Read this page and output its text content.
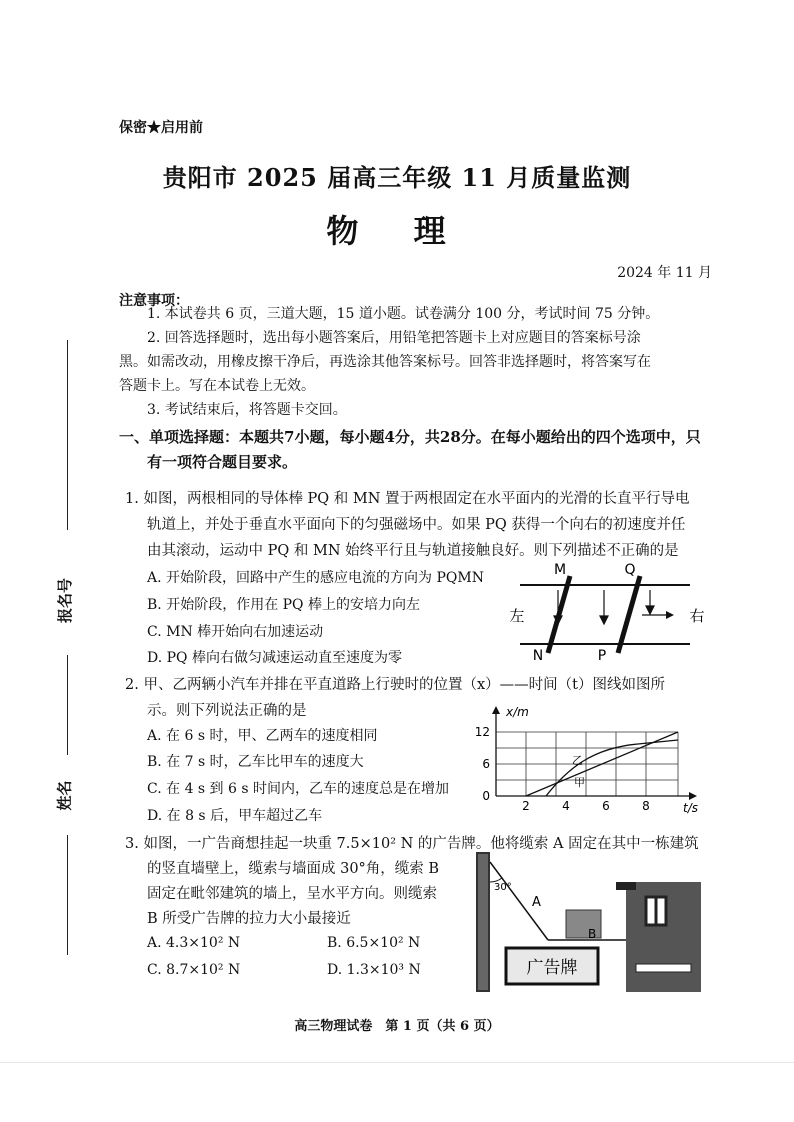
保密★启用前
贵阳市 2025 届高三年级 11 月质量监测
物 理
2024 年 11 月
注意事项：
1. 本试卷共 6 页，三道大题，15 道小题。试卷满分 100 分，考试时间 75 分钟。
2. 回答选择题时，选出每小题答案后，用铅笔把答题卡上对应题目的答案标号涂
黑。如需改动，用橡皮擦干净后，再选涂其他答案标号。回答非选择题时，将答案写在
答题卡上。写在本试卷上无效。
3. 考试结束后，将答题卡交回。
一、单项选择题：本题共7小题，每小题4分，共28分。在每小题给出的四个选项中，只
有一项符合题目要求。
1. 如图，两根相同的导体棒 PQ 和 MN 置于两根固定在水平面内的光滑的长直平行导电
轨道上，并处于垂直水平面向下的匀强磁场中。如果 PQ 获得一个向右的初速度并任
由其滚动，运动中 PQ 和 MN 始终平行且与轨道接触良好。则下列描述不正确的是
A. 开始阶段，回路中产生的感应电流的方向为 PQMN
B. 开始阶段，作用在 PQ 棒上的安培力向左
C. MN 棒开始向右加速运动
D. PQ 棒向右做匀减速运动直至速度为零
M	Q
N	P
左	右
2. 甲、乙两辆小汽车并排在平直道路上行驶时的位置（x）——时间（t）图线如图所
示。则下列说法正确的是
A. 在 6 s 时，甲、乙两车的速度相同
B. 在 7 s 时，乙车比甲车的速度大
C. 在 4 s 到 6 s 时间内，乙车的速度总是在增加
D. 在 8 s 后，甲车超过乙车
x/m
t/s
12
6
0
2	4	6	8
乙
甲
3. 如图，一广告商想挂起一块重 7.5×10² N 的广告牌。他将缆索 A 固定在其中一栋建筑
的竖直墙壁上，缆索与墙面成 30°角，缆索 B
固定在毗邻建筑的墙上，呈水平方向。则缆索
B 所受广告牌的拉力大小最接近
A. 4.3×10² N	B. 6.5×10² N
C. 8.7×10² N	D. 1.3×10³ N
30°
A
B
广告牌
报名号
姓名
高三物理试卷　第 1 页（共 6 页）
